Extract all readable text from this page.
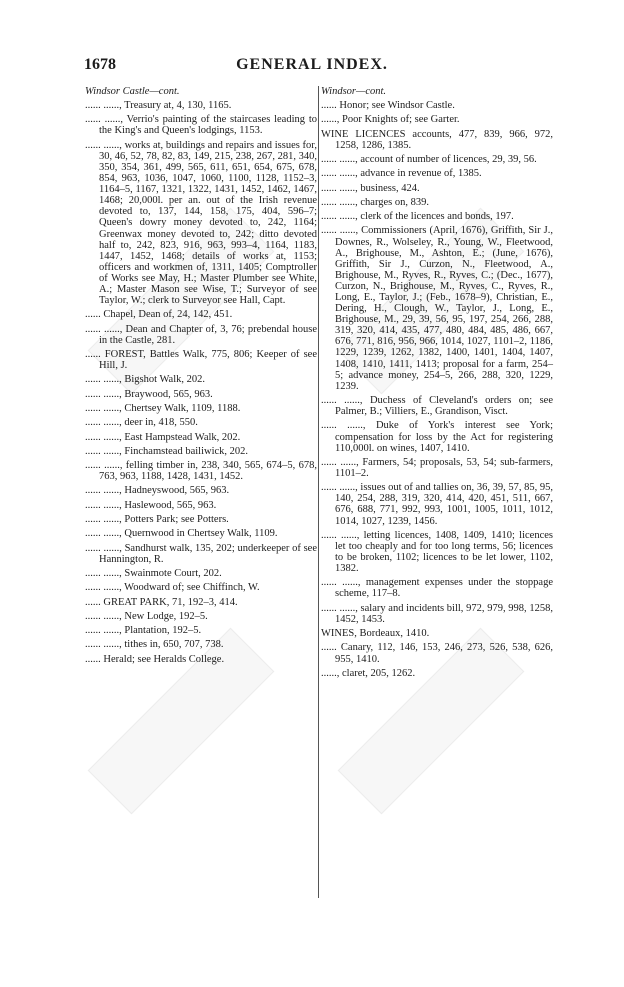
1678	GENERAL INDEX.
Windsor Castle—cont.
...... ......, Treasury at, 4, 130, 1165.
...... ......, Verrio's painting of the staircases leading to the King's and Queen's lodgings, 1153.
...... ......, works at, buildings and repairs and issues for, 30, 46, 52, 78, 82, 83, 149, 215, 238, 267, 281, 340, 350, 354, 361, 499, 565, 611, 651, 654, 675, 678, 854, 963, 1036, 1047, 1060, 1100, 1128, 1152–3, 1164–5, 1167, 1321, 1322, 1431, 1452, 1462, 1467, 1468; 20,000l. per an. out of the Irish revenue devoted to, 137, 144, 158, 175, 404, 596–7; Queen's dowry money devoted to, 242, 1164; Greenwax money devoted to, 242; ditto devoted half to, 242, 823, 916, 963, 993–4, 1164, 1183, 1447, 1452, 1468; details of works at, 1153; officers and workmen of, 1311, 1405; Comptroller of Works see May, H.; Master Plumber see White, A.; Master Mason see Wise, T.; Surveyor of see Taylor, W.; clerk to Surveyor see Hall, Capt.
...... Chapel, Dean of, 24, 142, 451.
...... ......, Dean and Chapter of, 3, 76; prebendal house in the Castle, 281.
...... FOREST, Battles Walk, 775, 806; Keeper of see Hill, J.
...... ......, Bigshot Walk, 202.
...... ......, Braywood, 565, 963.
...... ......, Chertsey Walk, 1109, 1188.
...... ......, deer in, 418, 550.
...... ......, East Hampstead Walk, 202.
...... ......, Finchamstead bailiwick, 202.
...... ......, felling timber in, 238, 340, 565, 674–5, 678, 763, 963, 1188, 1428, 1431, 1452.
...... ......, Hadneyswood, 565, 963.
...... ......, Haslewood, 565, 963.
...... ......, Potters Park; see Potters.
...... ......, Quernwood in Chertsey Walk, 1109.
...... ......, Sandhurst walk, 135, 202; underkeeper of see Hannington, R.
...... ......, Swainmote Court, 202.
...... ......, Woodward of; see Chiffinch, W.
...... GREAT PARK, 71, 192–3, 414.
...... ......, New Lodge, 192–5.
...... ......, Plantation, 192–5.
...... ......, tithes in, 650, 707, 738.
...... Herald; see Heralds College.
Windsor—cont.
...... Honor; see Windsor Castle.
......, Poor Knights of; see Garter.
WINE LICENCES accounts, 477, 839, 966, 972, 1258, 1286, 1385.
...... ......, account of number of licences, 29, 39, 56.
...... ......, advance in revenue of, 1385.
...... ......, business, 424.
...... ......, charges on, 839.
...... ......, clerk of the licences and bonds, 197.
...... ......, Commissioners (April, 1676), Griffith, Sir J., Downes, R., Wolseley, R., Young, W., Fleetwood, A., Brighouse, M., Ashton, E.; (June, 1676), Griffith, Sir J., Curzon, N., Fleetwood, A., Brighouse, M., Ryves, R., Ryves, C.; (Dec., 1677), Curzon, N., Brighouse, M., Ryves, C., Ryves, R., Long, E., Taylor, J.; (Feb., 1678–9), Christian, E., Dering, H., Clough, W., Taylor, J., Long, E., Brighouse, M., 29, 39, 56, 95, 197, 254, 266, 288, 319, 320, 414, 435, 477, 480, 484, 485, 486, 667, 676, 771, 816, 956, 966, 1014, 1027, 1101–2, 1186, 1229, 1239, 1262, 1382, 1400, 1401, 1404, 1407, 1408, 1410, 1411, 1413; proposal for a farm, 254–5; advance money, 254–5, 266, 288, 320, 1229, 1239.
...... ......, Duchess of Cleveland's orders on; see Palmer, B.; Villiers, E., Grandison, Visct.
...... ......, Duke of York's interest see York; compensation for loss by the Act for registering 110,000l. on wines, 1407, 1410.
...... ......, Farmers, 54; proposals, 53, 54; sub-farmers, 1101–2.
...... ......, issues out of and tallies on, 36, 39, 57, 85, 95, 140, 254, 288, 319, 320, 414, 420, 451, 511, 667, 676, 688, 771, 992, 993, 1001, 1005, 1011, 1012, 1014, 1027, 1239, 1456.
...... ......, letting licences, 1408, 1409, 1410; licences let too cheaply and for too long terms, 56; licences to be broken, 1102; licences to be let lower, 1102, 1382.
...... ......, management expenses under the stoppage scheme, 117–8.
...... ......, salary and incidents bill, 972, 979, 998, 1258, 1452, 1453.
WINES, Bordeaux, 1410.
...... Canary, 112, 146, 153, 246, 273, 526, 538, 626, 955, 1410.
......, claret, 205, 1262.
